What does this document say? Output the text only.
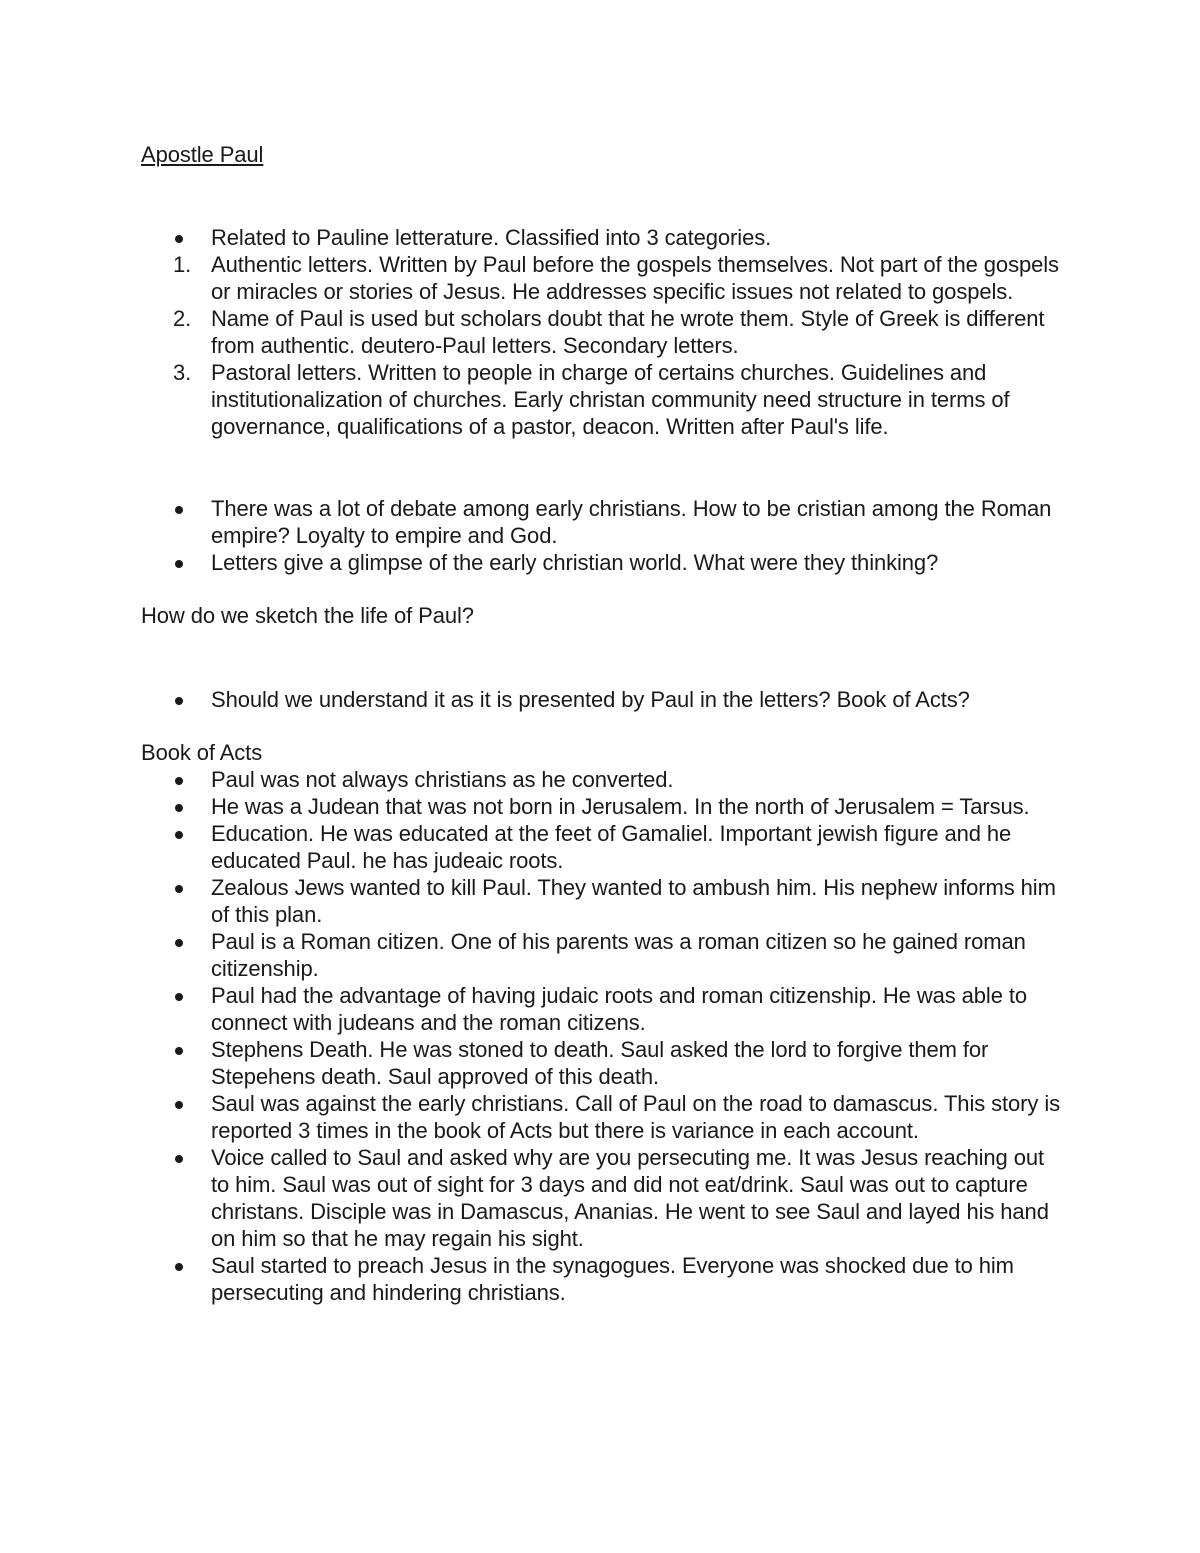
Apostle Paul

Related to Pauline letterature. Classified into 3 categories.
1. Authentic letters. Written by Paul before the gospels themselves. Not part of the gospels or miracles or stories of Jesus. He addresses specific issues not related to gospels.
2. Name of Paul is used but scholars doubt that he wrote them. Style of Greek is different from authentic. deutero-Paul letters. Secondary letters.
3. Pastoral letters. Written to people in charge of certains churches. Guidelines and institutionalization of churches. Early christan community need structure in terms of governance, qualifications of a pastor, deacon. Written after Paul's life.
There was a lot of debate among early christians. How to be cristian among the Roman empire? Loyalty to empire and God.
Letters give a glimpse of the early christian world. What were they thinking?

How do we sketch the life of Paul?

Should we understand it as it is presented by Paul in the letters? Book of Acts?

Book of Acts

Paul was not always christians as he converted.
He was a Judean that was not born in Jerusalem. In the north of Jerusalem = Tarsus.
Education. He was educated at the feet of Gamaliel. Important jewish figure and he educated Paul. he has judeaic roots.
Zealous Jews wanted to kill Paul. They wanted to ambush him. His nephew informs him of this plan.
Paul is a Roman citizen. One of his parents was a roman citizen so he gained roman citizenship.
Paul had the advantage of having judaic roots and roman citizenship. He was able to connect with judeans and the roman citizens.
Stephens Death. He was stoned to death. Saul asked the lord to forgive them for Stepehens death. Saul approved of this death.
Saul was against the early christians. Call of Paul on the road to damascus. This story is reported 3 times in the book of Acts but there is variance in each account.
Voice called to Saul and asked why are you persecuting me. It was Jesus reaching out to him. Saul was out of sight for 3 days and did not eat/drink. Saul was out to capture christans. Disciple was in Damascus, Ananias. He went to see Saul and layed his hand on him so that he may regain his sight.
Saul started to preach Jesus in the synagogues. Everyone was shocked due to him persecuting and hindering christians.
